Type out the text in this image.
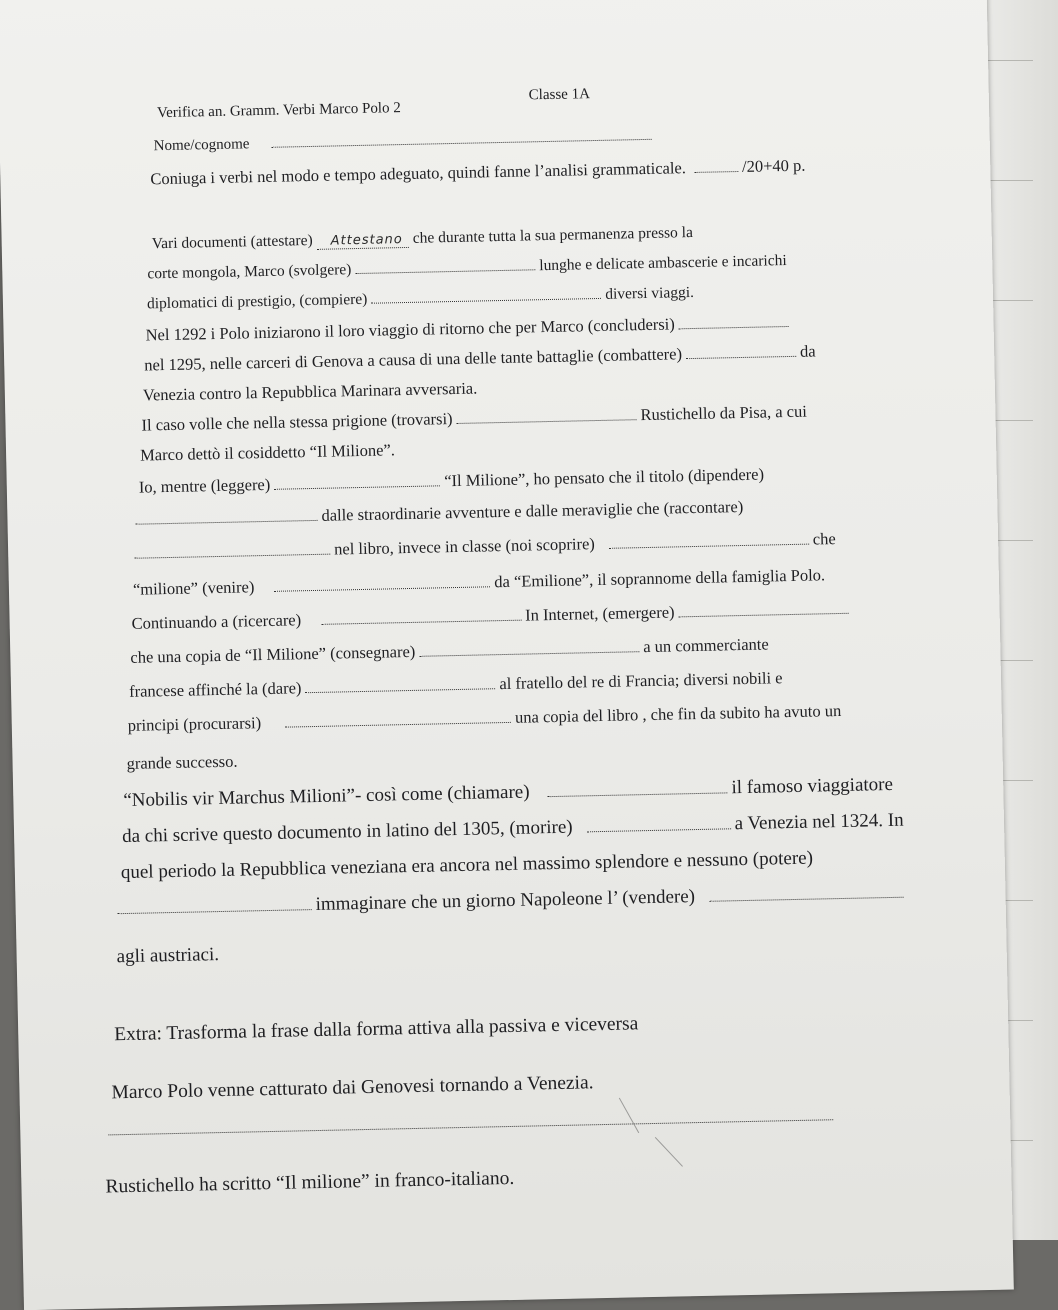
Verifica an. Gramm. Verbi Marco Polo 2
Classe 1A
Nome/cognome
Coniuga i verbi nel modo e tempo adeguato, quindi fanne l’analisi grammaticale.	/20+40 p.
Vari documenti (attestare) Attestano che durante tutta la sua permanenza presso la
corte mongola, Marco (svolgere)	lunghe e delicate ambascerie e incarichi
diplomatici di prestigio, (compiere)	diversi viaggi.
Nel 1292 i Polo iniziarono il loro viaggio di ritorno che per Marco (concludersi)
nel 1295, nelle carceri di Genova a causa di una delle tante battaglie (combattere)	da
Venezia contro la Repubblica Marinara avversaria.
Il caso volle che nella stessa prigione (trovarsi)	Rustichello da Pisa, a cui
Marco dettò il cosiddetto “Il Milione”.
Io, mentre (leggere)	“Il Milione”, ho pensato che il titolo (dipendere)
dalle straordinarie avventure e dalle meraviglie che (raccontare)
nel libro, invece in classe (noi scoprire)	che
“milione” (venire)	da “Emilione”, il soprannome della famiglia Polo.
Continuando a (ricercare)	In Internet, (emergere)
che una copia de “Il Milione” (consegnare)	a un commerciante
francese affinché la (dare)	al fratello del re di Francia; diversi nobili e
principi (procurarsi)	una copia del libro , che fin da subito ha avuto un
grande successo.
“Nobilis vir Marchus Milioni”- così come (chiamare)	il famoso viaggiatore
da chi scrive questo documento in latino del 1305, (morire)	a Venezia nel 1324. In
quel periodo la Repubblica veneziana era ancora nel massimo splendore e nessuno (potere)
immaginare che un giorno Napoleone l’ (vendere)
agli austriaci.
Extra: Trasforma la frase dalla forma attiva alla passiva e viceversa
Marco Polo venne catturato dai Genovesi tornando a Venezia.
Rustichello ha scritto “Il milione” in franco-italiano.
